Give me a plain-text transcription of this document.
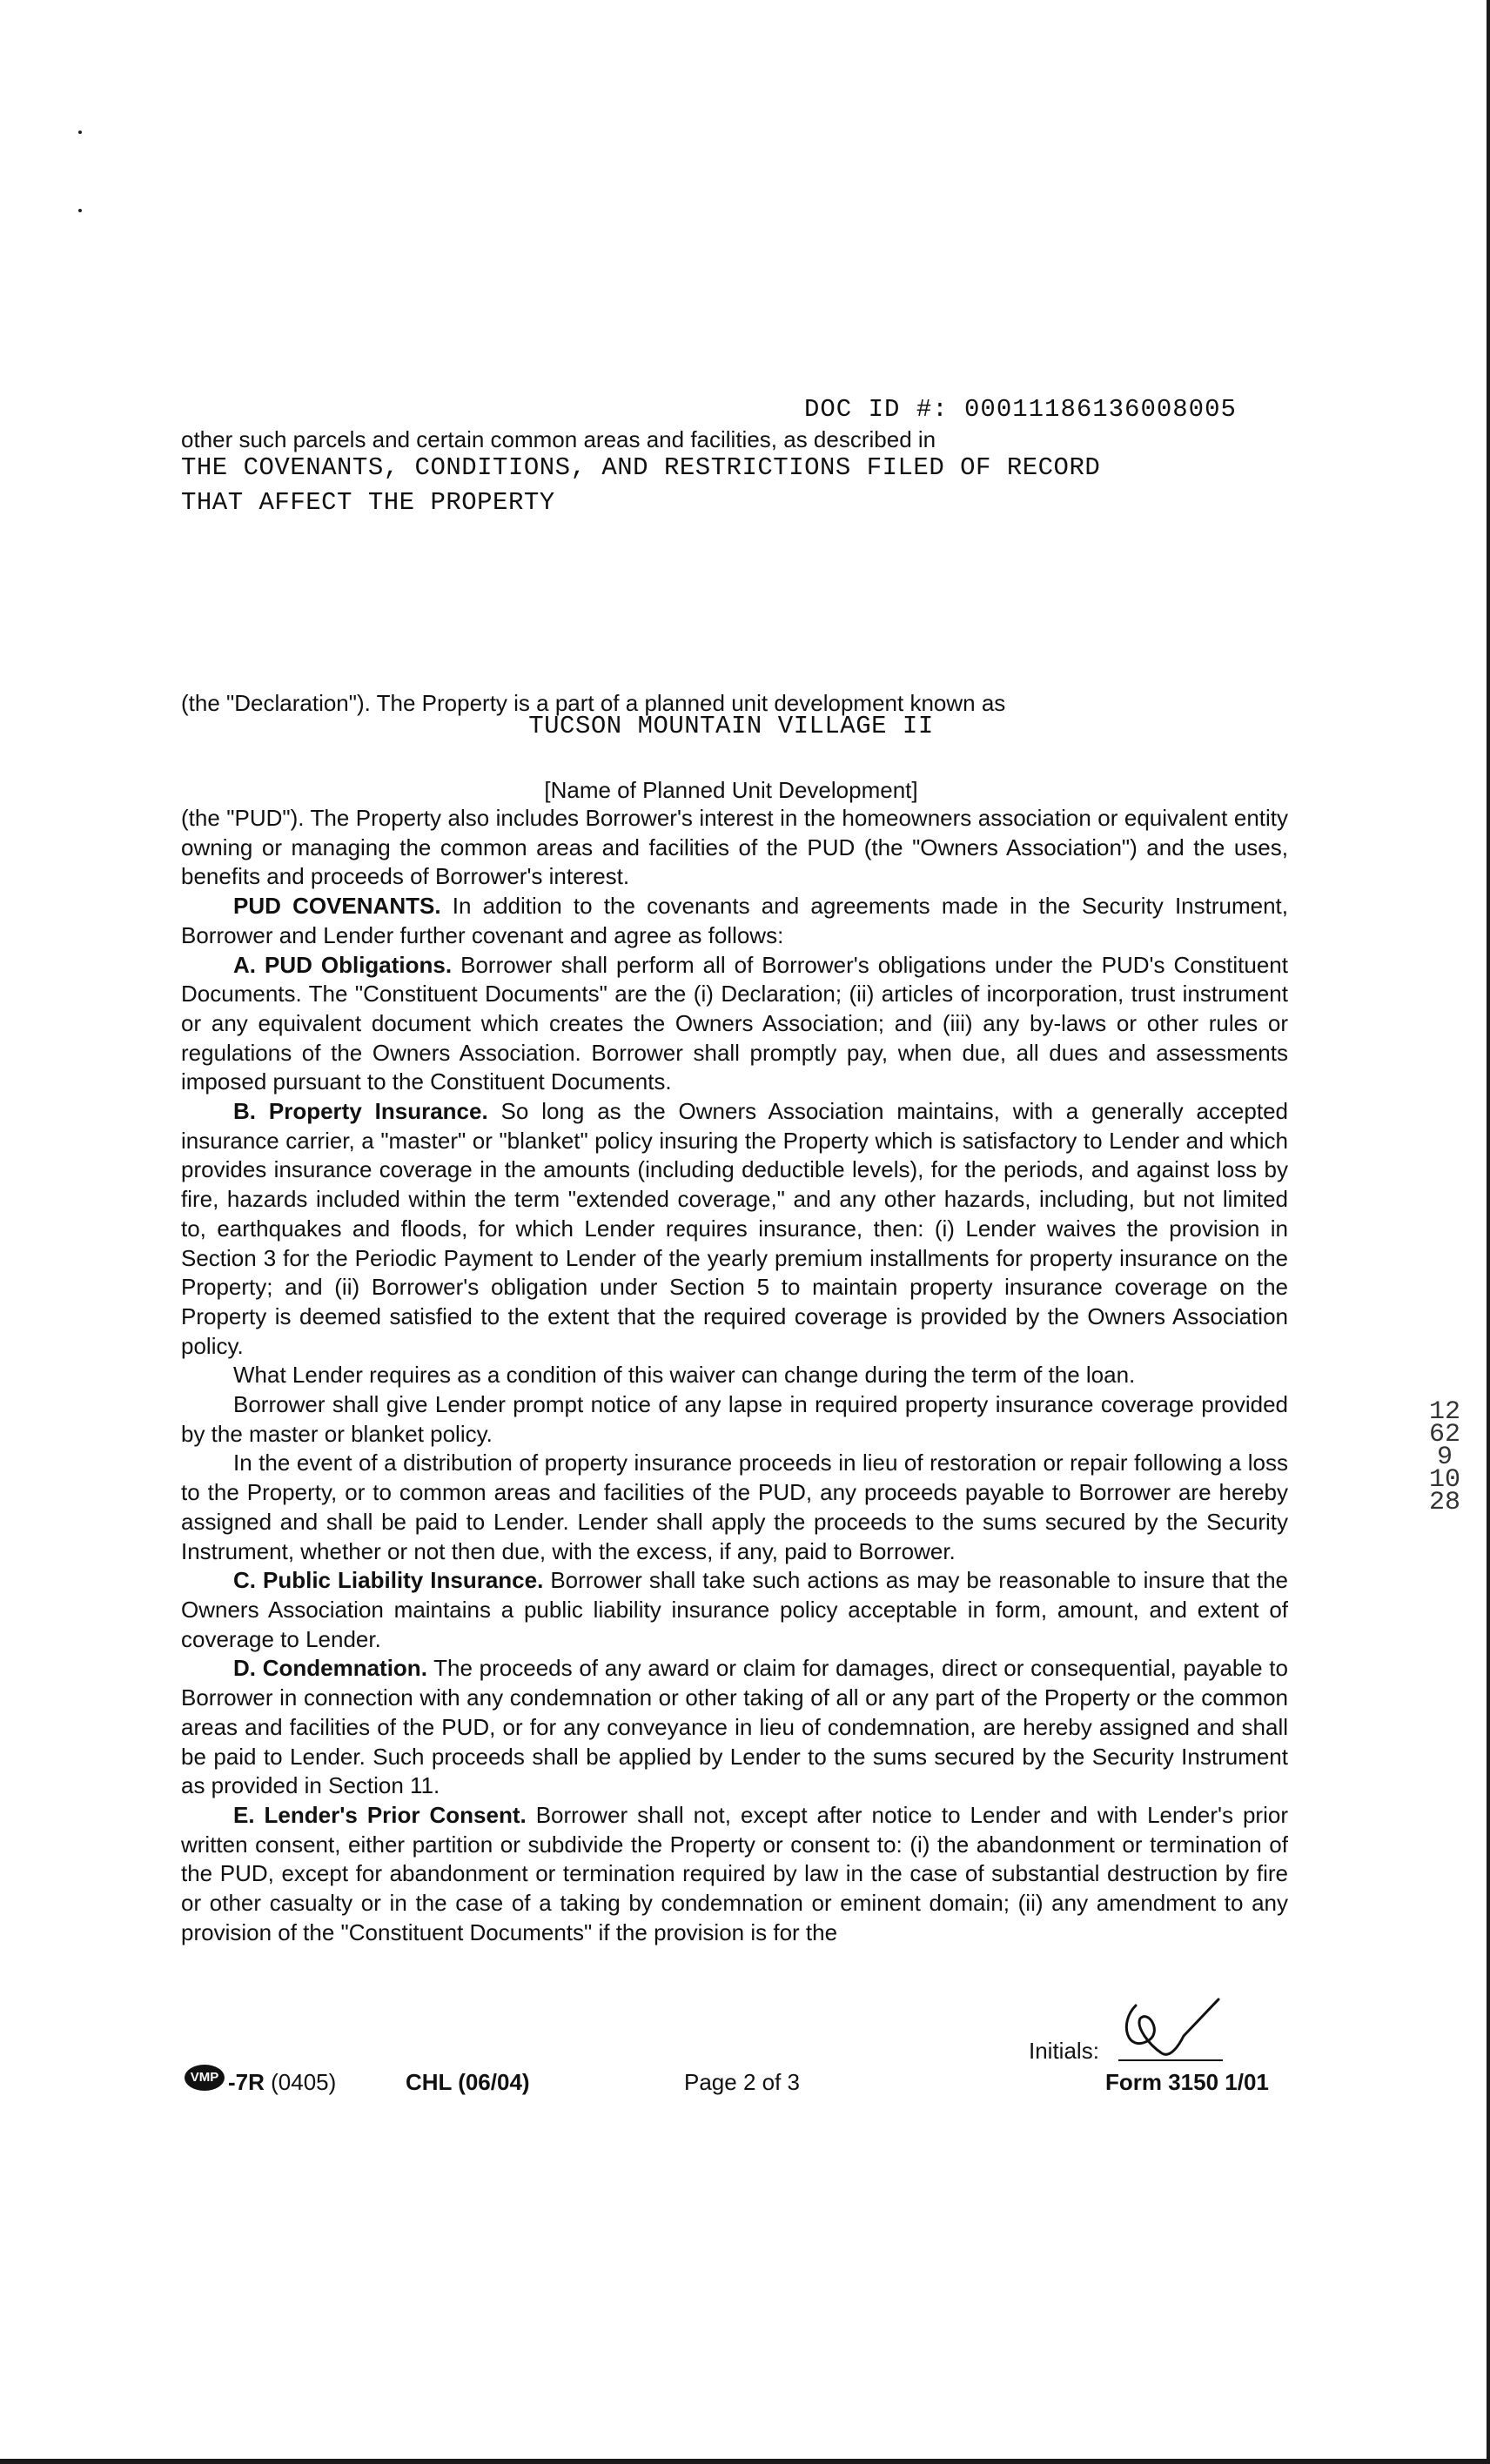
DOC ID #: 00011186136008005
other such parcels and certain common areas and facilities, as described in
THE COVENANTS, CONDITIONS, AND RESTRICTIONS FILED OF RECORD
THAT AFFECT THE PROPERTY
(the "Declaration"). The Property is a part of a planned unit development known as
TUCSON MOUNTAIN VILLAGE II
[Name of Planned Unit Development]

(the "PUD"). The Property also includes Borrower's interest in the homeowners association or equivalent entity owning or managing the common areas and facilities of the PUD (the "Owners Association") and the uses, benefits and proceeds of Borrower's interest.

PUD COVENANTS. In addition to the covenants and agreements made in the Security Instrument, Borrower and Lender further covenant and agree as follows:

A. PUD Obligations. Borrower shall perform all of Borrower's obligations under the PUD's Constituent Documents. The "Constituent Documents" are the (i) Declaration; (ii) articles of incorporation, trust instrument or any equivalent document which creates the Owners Association; and (iii) any by-laws or other rules or regulations of the Owners Association. Borrower shall promptly pay, when due, all dues and assessments imposed pursuant to the Constituent Documents.

B. Property Insurance. So long as the Owners Association maintains, with a generally accepted insurance carrier, a "master" or "blanket" policy insuring the Property which is satisfactory to Lender and which provides insurance coverage in the amounts (including deductible levels), for the periods, and against loss by fire, hazards included within the term "extended coverage," and any other hazards, including, but not limited to, earthquakes and floods, for which Lender requires insurance, then: (i) Lender waives the provision in Section 3 for the Periodic Payment to Lender of the yearly premium installments for property insurance on the Property; and (ii) Borrower's obligation under Section 5 to maintain property insurance coverage on the Property is deemed satisfied to the extent that the required coverage is provided by the Owners Association policy.

What Lender requires as a condition of this waiver can change during the term of the loan.

Borrower shall give Lender prompt notice of any lapse in required property insurance coverage provided by the master or blanket policy.

In the event of a distribution of property insurance proceeds in lieu of restoration or repair following a loss to the Property, or to common areas and facilities of the PUD, any proceeds payable to Borrower are hereby assigned and shall be paid to Lender. Lender shall apply the proceeds to the sums secured by the Security Instrument, whether or not then due, with the excess, if any, paid to Borrower.

C. Public Liability Insurance. Borrower shall take such actions as may be reasonable to insure that the Owners Association maintains a public liability insurance policy acceptable in form, amount, and extent of coverage to Lender.

D. Condemnation. The proceeds of any award or claim for damages, direct or consequential, payable to Borrower in connection with any condemnation or other taking of all or any part of the Property or the common areas and facilities of the PUD, or for any conveyance in lieu of condemnation, are hereby assigned and shall be paid to Lender. Such proceeds shall be applied by Lender to the sums secured by the Security Instrument as provided in Section 11.

E. Lender's Prior Consent. Borrower shall not, except after notice to Lender and with Lender's prior written consent, either partition or subdivide the Property or consent to: (i) the abandonment or termination of the PUD, except for abandonment or termination required by law in the case of substantial destruction by fire or other casualty or in the case of a taking by condemnation or eminent domain; (ii) any amendment to any provision of the "Constituent Documents" if the provision is for the

12629 1028
VMP -7R (0405)	CHL (06/04)	Page 2 of 3
Initials:
Form 3150 1/01
